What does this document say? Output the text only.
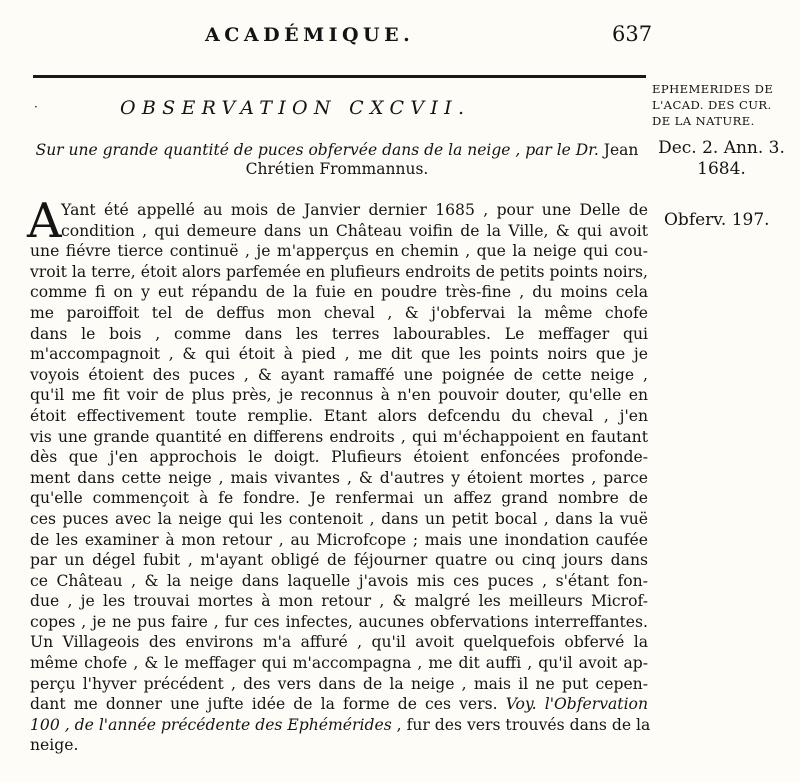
ACADÉMIQUE.	637
·
EPHEMERIDES DE
L'ACAD. DES CUR.
DE LA NATURE.
Dec. 2. Ann. 3.
1684.
Obferv. 197.
OBSERVATION CXCVII.
Sur une grande quantité de puces obfervée dans de la neige , par le Dr. Jean
Chrétien Frommannus.
A Yant été appellé au mois de Janvier dernier 1685 , pour une Delle de
condition , qui demeure dans un Château voifin de la Ville, & qui avoit
une fiévre tierce continuë , je m'apperçus en chemin , que la neige qui cou-
vroit la terre, étoit alors parfemée en plufieurs endroits de petits points noirs,
comme fi on y eut répandu de la fuie en poudre très-fine , du moins cela
me paroiffoit tel de deffus mon cheval , & j'obfervai la même chofe
dans le bois , comme dans les terres labourables. Le meffager qui
m'accompagnoit , & qui étoit à pied , me dit que les points noirs que je
voyois étoient des puces , & ayant ramaffé une poignée de cette neige ,
qu'il me fit voir de plus près, je reconnus à n'en pouvoir douter, qu'elle en
étoit effectivement toute remplie. Etant alors defcendu du cheval , j'en
vis une grande quantité en differens endroits , qui m'échappoient en fautant
dès que j'en approchois le doigt. Plufieurs étoient enfoncées profonde-
ment dans cette neige , mais vivantes , & d'autres y étoient mortes , parce
qu'elle commençoit à fe fondre. Je renfermai un affez grand nombre de
ces puces avec la neige qui les contenoit , dans un petit bocal , dans la vuë
de les examiner à mon retour , au Microfcope ; mais une inondation caufée
par un dégel fubit , m'ayant obligé de féjourner quatre ou cinq jours dans
ce Château , & la neige dans laquelle j'avois mis ces puces , s'étant fon-
due , je les trouvai mortes à mon retour , & malgré les meilleurs Microf-
copes , je ne pus faire , fur ces infectes, aucunes obfervations interreffantes.
Un Villageois des environs m'a affuré , qu'il avoit quelquefois obfervé la
même chofe , & le meffager qui m'accompagna , me dit auffi , qu'il avoit ap-
perçu l'hyver précédent , des vers dans de la neige , mais il ne put cepen-
dant me donner une jufte idée de la forme de ces vers. Voy. l'Obfervation
100 , de l'année précédente des Ephémérides , fur des vers trouvés dans de la
neige.
